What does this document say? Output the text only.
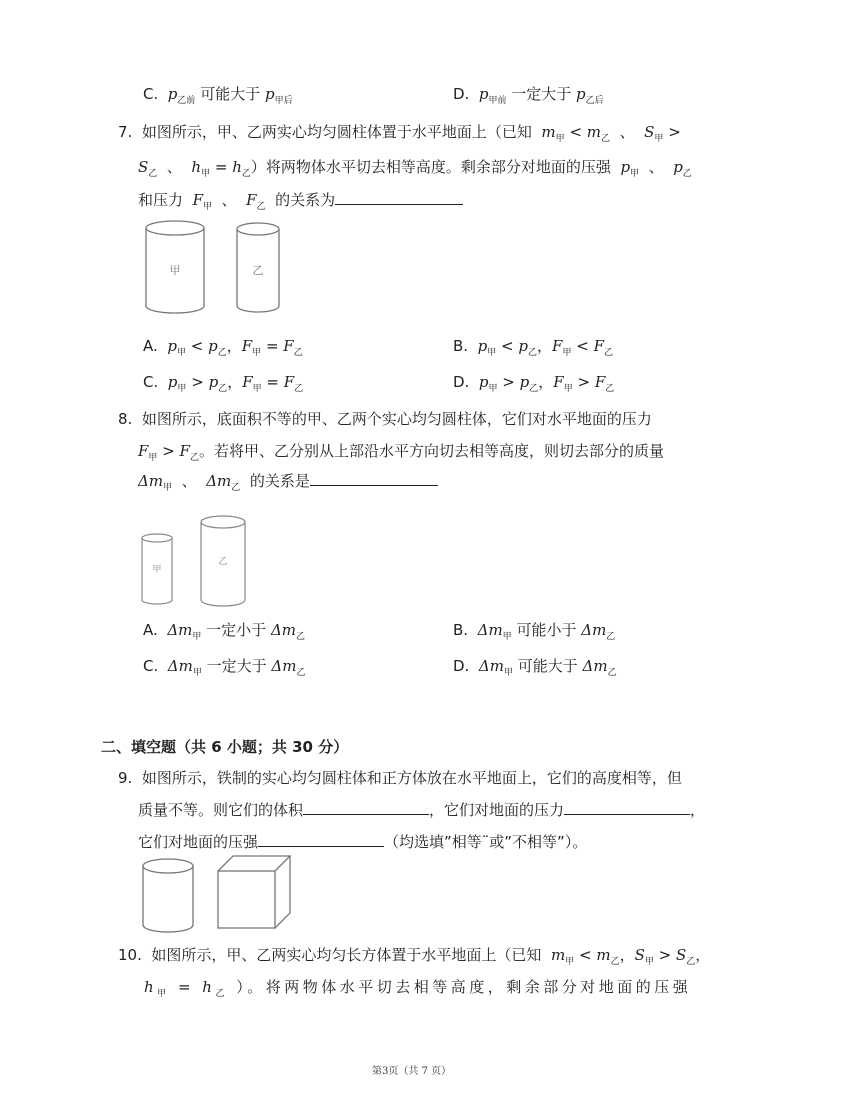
C. $p_{乙前}$ 可能大于 $p_{甲后}$	D. $p_{甲前}$ 一定大于 $p_{乙后}$
7. 如图所示，甲、乙两实心均匀圆柱体置于水平地面上（已知 $m_甲 < m_乙$ 、 $S_甲$ >
$S_乙$ 、 $h_甲 = h_乙$）将两物体水平切去相等高度。剩余部分对地面的压强 $p_甲$ 、 $p_乙$
和压力 $F_甲$ 、 $F_乙$ 的关系为
甲	乙
A. $p_甲 < p_乙$，$F_甲 = F_乙$	B. $p_甲 < p_乙$，$F_甲 < F_乙$
C. $p_甲 > p_乙$，$F_甲 = F_乙$	D. $p_甲 > p_乙$，$F_甲 > F_乙$
8. 如图所示，底面积不等的甲、乙两个实心均匀圆柱体，它们对水平地面的压力
$F_甲 > F_乙$。若将甲、乙分别从上部沿水平方向切去相等高度，则切去部分的质量
$\Delta m_甲$ 、 $\Delta m_乙$ 的关系是
甲
乙
A. $\Delta m_甲$ 一定小于 $\Delta m_乙$	B. $\Delta m_甲$ 可能小于 $\Delta m_乙$
C. $\Delta m_甲$ 一定大于 $\Delta m_乙$	D. $\Delta m_甲$ 可能大于 $\Delta m_乙$
二、填空题（共 6 小题；共 30 分）
9. 如图所示，铁制的实心均匀圆柱体和正方体放在水平地面上，它们的高度相等，但
质量不等。则它们的体积	，它们对地面的压力	，
它们对地面的压强	（均选填”相等¨或”不相等”）。
10. 如图所示，甲、乙两实心均匀长方体置于水平地面上（已知 $m_甲 < m_乙$，$S_甲 > S_乙$，
$h_甲 = h_乙$ ）。将两物体水平切去相等高度，剩余部分对地面的压强
第3页（共 7 页）
